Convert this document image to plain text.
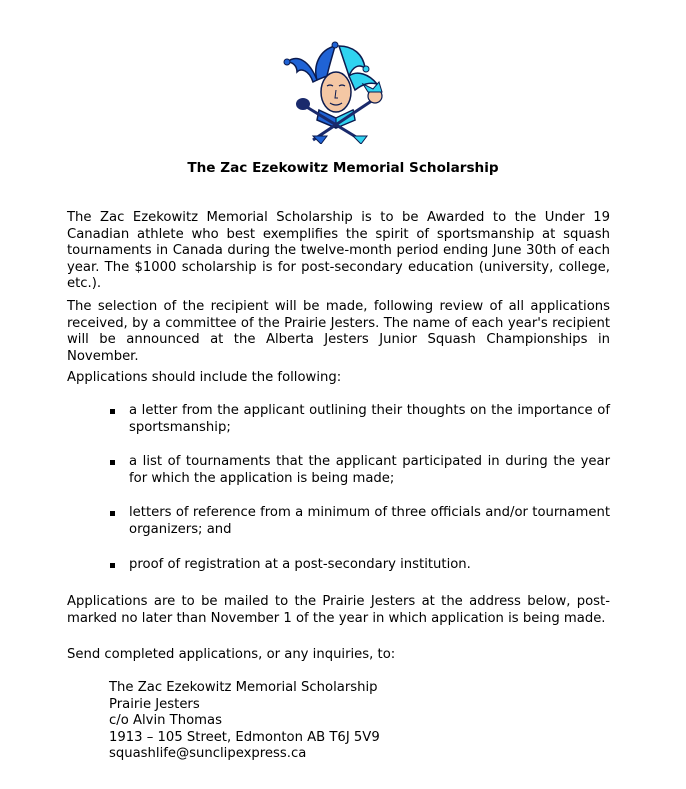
The Zac Ezekowitz Memorial Scholarship

The Zac Ezekowitz Memorial Scholarship is to be Awarded to the Under 19 Canadian athlete who best exemplifies the spirit of sportsmanship at squash tournaments in Canada during the twelve-month period ending June 30th of each year. The $1000 scholarship is for post-secondary education (university, college, etc.).

The selection of the recipient will be made, following review of all applications received, by a committee of the Prairie Jesters. The name of each year's recipient will be announced at the Alberta Jesters Junior Squash Championships in November.

Applications should include the following:

a letter from the applicant outlining their thoughts on the importance of sportsmanship;
a list of tournaments that the applicant participated in during the year for which the application is being made;
letters of reference from a minimum of three officials and/or tournament organizers; and
proof of registration at a post-secondary institution.

Applications are to be mailed to the Prairie Jesters at the address below, post-marked no later than November 1 of the year in which application is being made.

Send completed applications, or any inquiries, to:

The Zac Ezekowitz Memorial Scholarship
Prairie Jesters
c/o Alvin Thomas
1913 – 105 Street, Edmonton AB T6J 5V9
squashlife@sunclipexpress.ca
